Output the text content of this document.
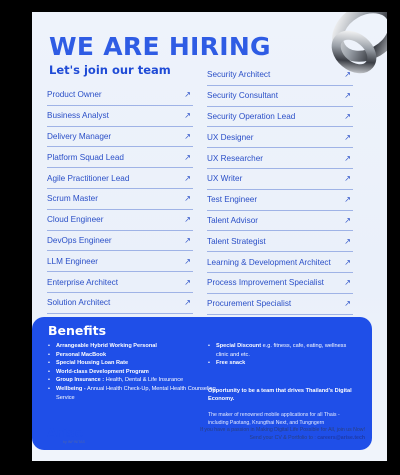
WE ARE HIRING
Let's join our team
Product Owner	↗
Business Analyst	↗
Delivery Manager	↗
Platform Squad Lead	↗
Agile Practitioner Lead	↗
Scrum Master	↗
Cloud Engineer	↗
DevOps Engineer	↗
LLM Engineer	↗
Enterprise Architect	↗
Solution Architect	↗
Security Architect	↗
Security Consultant	↗
Security Operation Lead	↗
UX Designer	↗
UX Researcher	↗
UX Writer	↗
Test Engineer	↗
Talent Advisor	↗
Talent Strategist	↗
Learning & Development Architect ↗
Process Improvement Specialist	↗
Procurement Specialist	↗
Benefits
• Arrangeable Hybrid Working Personal
• Personal MacBook
• Special Housing Loan Rate
• World-class Development Program
• Group Insurance : Health, Dental & Life Insurance
• Wellbeing - Annual Health Check-Up, Mental Health Counseling Service
• Special Discount e.g. fitness, cafe, eating, wellness clinic and etc.
• Free snack

Opportunity to be a team that drives Thailand's Digital Economy.

The maker of renowned mobile applications for all Thais - including Paotang, Krungthai Next, and Tungngern

Arise
by INFINITAS
If you have a passion in Making Digital Life Possible for All, join us Now!
Send your CV & Portfolio to : careers@arise.tech
